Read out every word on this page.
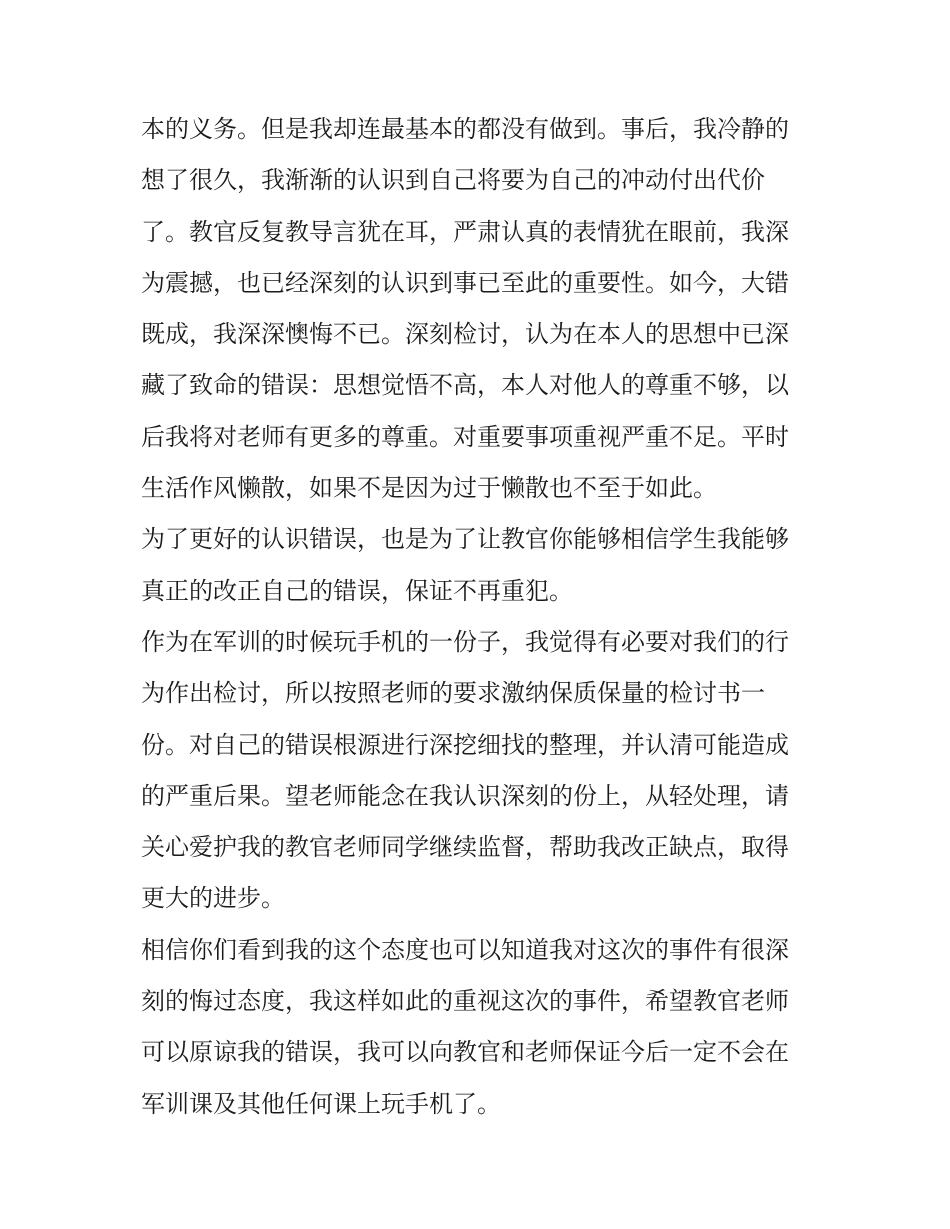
本的义务。但是我却连最基本的都没有做到。事后，我冷静的
想了很久，我渐渐的认识到自己将要为自己的冲动付出代价
了。教官反复教导言犹在耳，严肃认真的表情犹在眼前，我深
为震撼，也已经深刻的认识到事已至此的重要性。如今，大错
既成，我深深懊悔不已。深刻检讨，认为在本人的思想中已深
藏了致命的错误：思想觉悟不高，本人对他人的尊重不够，以
后我将对老师有更多的尊重。对重要事项重视严重不足。平时
生活作风懒散，如果不是因为过于懒散也不至于如此。
为了更好的认识错误，也是为了让教官你能够相信学生我能够
真正的改正自己的错误，保证不再重犯。
作为在军训的时候玩手机的一份子，我觉得有必要对我们的行
为作出检讨，所以按照老师的要求激纳保质保量的检讨书一
份。对自己的错误根源进行深挖细找的整理，并认清可能造成
的严重后果。望老师能念在我认识深刻的份上，从轻处理，请
关心爱护我的教官老师同学继续监督，帮助我改正缺点，取得
更大的进步。
相信你们看到我的这个态度也可以知道我对这次的事件有很深
刻的悔过态度，我这样如此的重视这次的事件，希望教官老师
可以原谅我的错误，我可以向教官和老师保证今后一定不会在
军训课及其他任何课上玩手机了。
